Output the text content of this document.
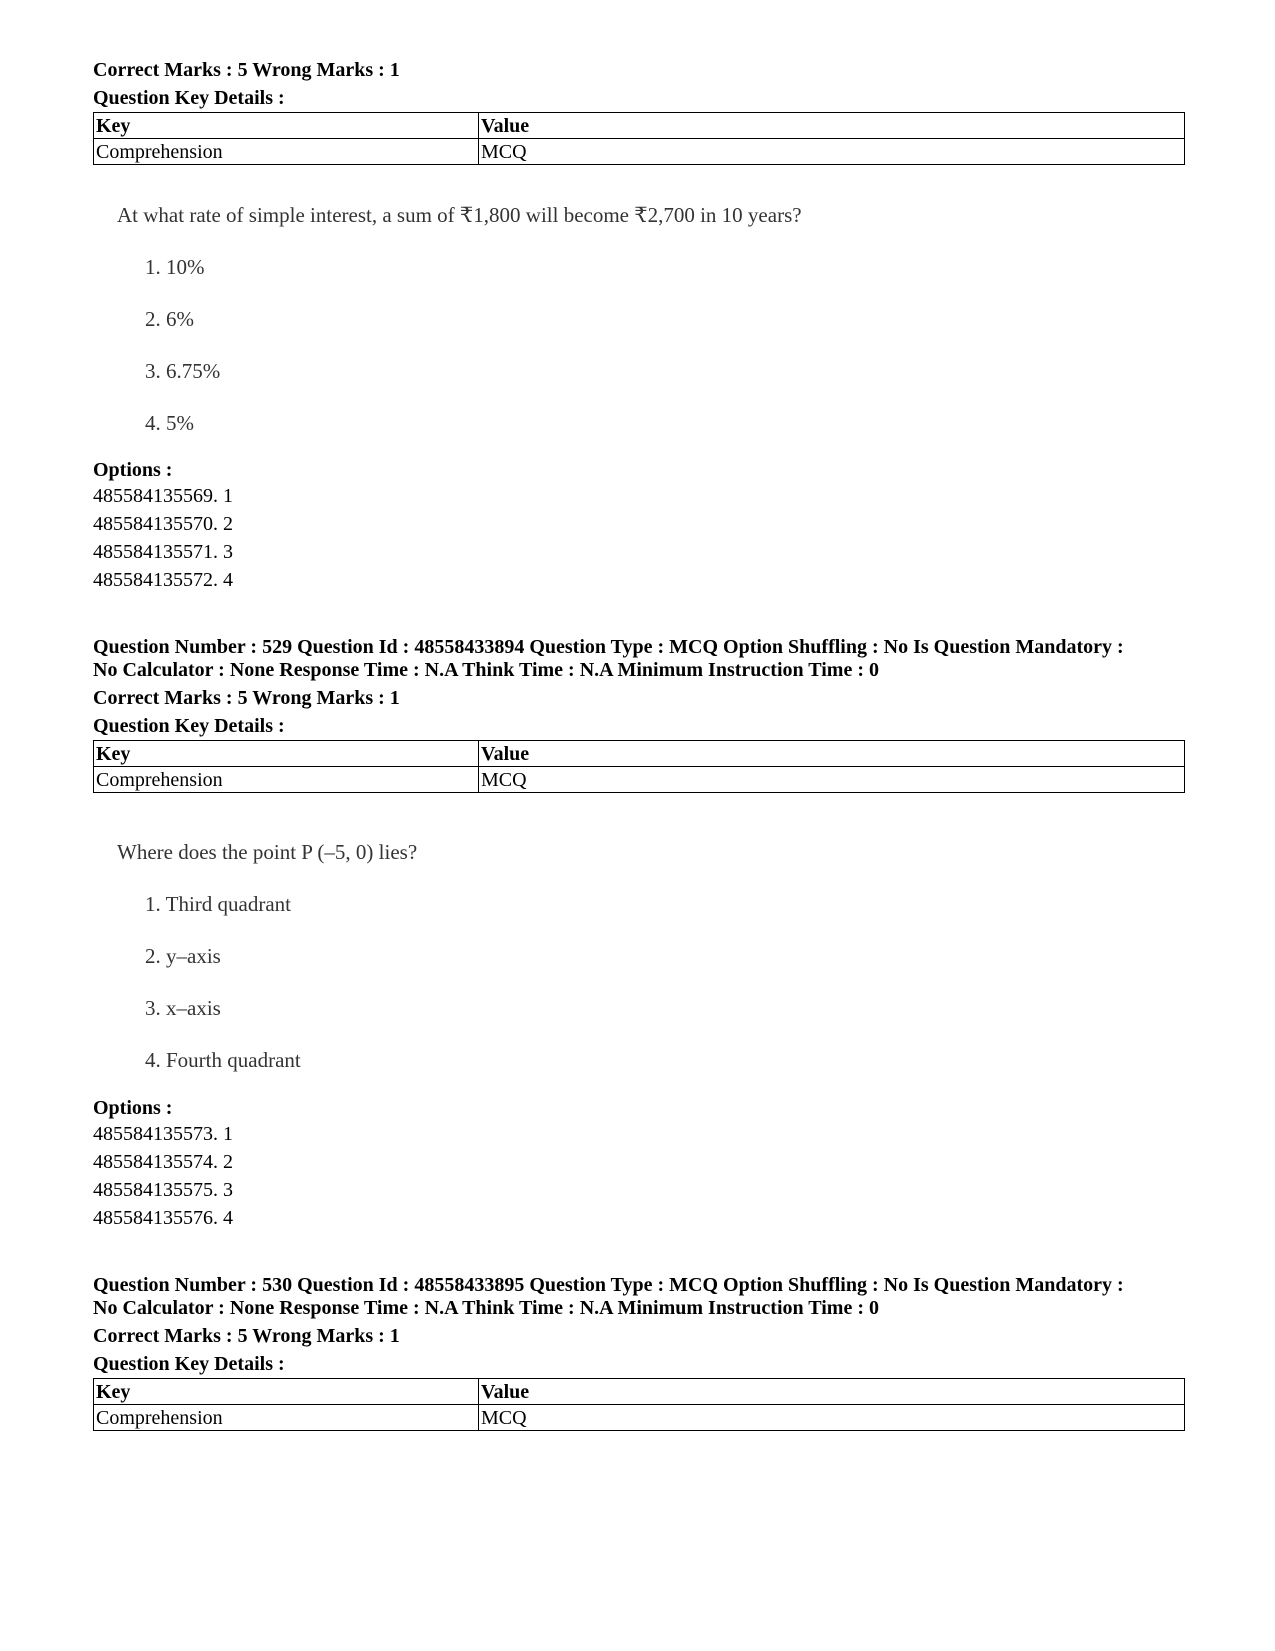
Correct Marks : 5 Wrong Marks : 1

Question Key Details :

Key	Value
Comprehension	MCQ

At what rate of simple interest, a sum of ₹1,800 will become ₹2,700 in 10 years?

1. 10%
2. 6%
3. 6.75%
4. 5%

Options :

485584135569. 1

485584135570. 2

485584135571. 3

485584135572. 4

Question Number : 529 Question Id : 48558433894 Question Type : MCQ Option Shuffling : No Is Question Mandatory :

No Calculator : None Response Time : N.A Think Time : N.A Minimum Instruction Time : 0

Correct Marks : 5 Wrong Marks : 1

Question Key Details :

Key	Value
Comprehension	MCQ

Where does the point P (–5, 0) lies?

1. Third quadrant
2. y–axis
3. x–axis
4. Fourth quadrant

Options :

485584135573. 1

485584135574. 2

485584135575. 3

485584135576. 4

Question Number : 530 Question Id : 48558433895 Question Type : MCQ Option Shuffling : No Is Question Mandatory :

No Calculator : None Response Time : N.A Think Time : N.A Minimum Instruction Time : 0

Correct Marks : 5 Wrong Marks : 1

Question Key Details :

Key	Value
Comprehension	MCQ
